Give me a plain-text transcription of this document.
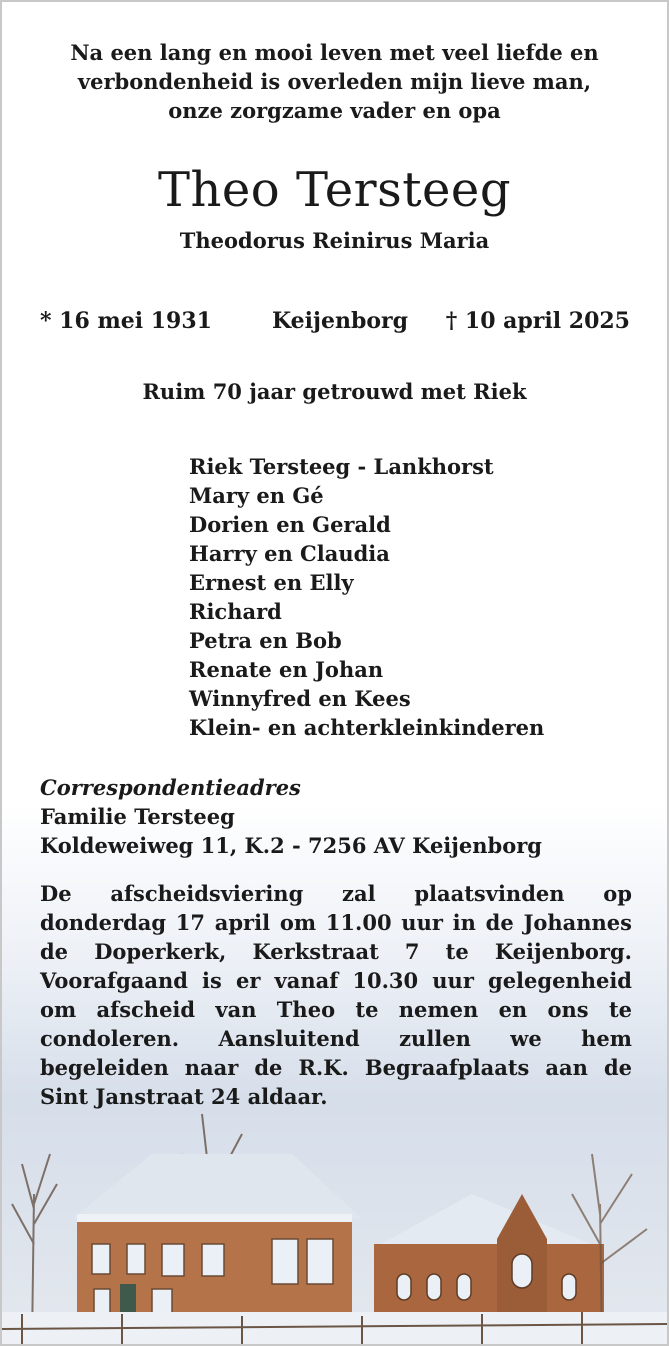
Na een lang en mooi leven met veel liefde en
verbondenheid is overleden mijn lieve man,
onze zorgzame vader en opa
Theo Tersteeg
Theodorus Reinirus Maria
* 16 mei 1931	Keijenborg † 10 april 2025
Ruim 70 jaar getrouwd met Riek
Riek Tersteeg - Lankhorst
Mary en Gé
Dorien en Gerald
Harry en Claudia
Ernest en Elly
Richard
Petra en Bob
Renate en Johan
Winnyfred en Kees
Klein- en achterkleinkinderen
Correspondentieadres
Familie Tersteeg
Koldeweiweg 11, K.2 - 7256 AV Keijenborg
De afscheidsviering zal plaatsvinden op donderdag 17 april om 11.00 uur in de Johannes de Doperkerk, Kerkstraat 7 te Keijenborg. Voorafgaand is er vanaf 10.30 uur gelegenheid om afscheid van Theo te nemen en ons te condoleren. Aansluitend zullen we hem begeleiden naar de R.K. Begraafplaats aan de Sint Janstraat 24 aldaar.
